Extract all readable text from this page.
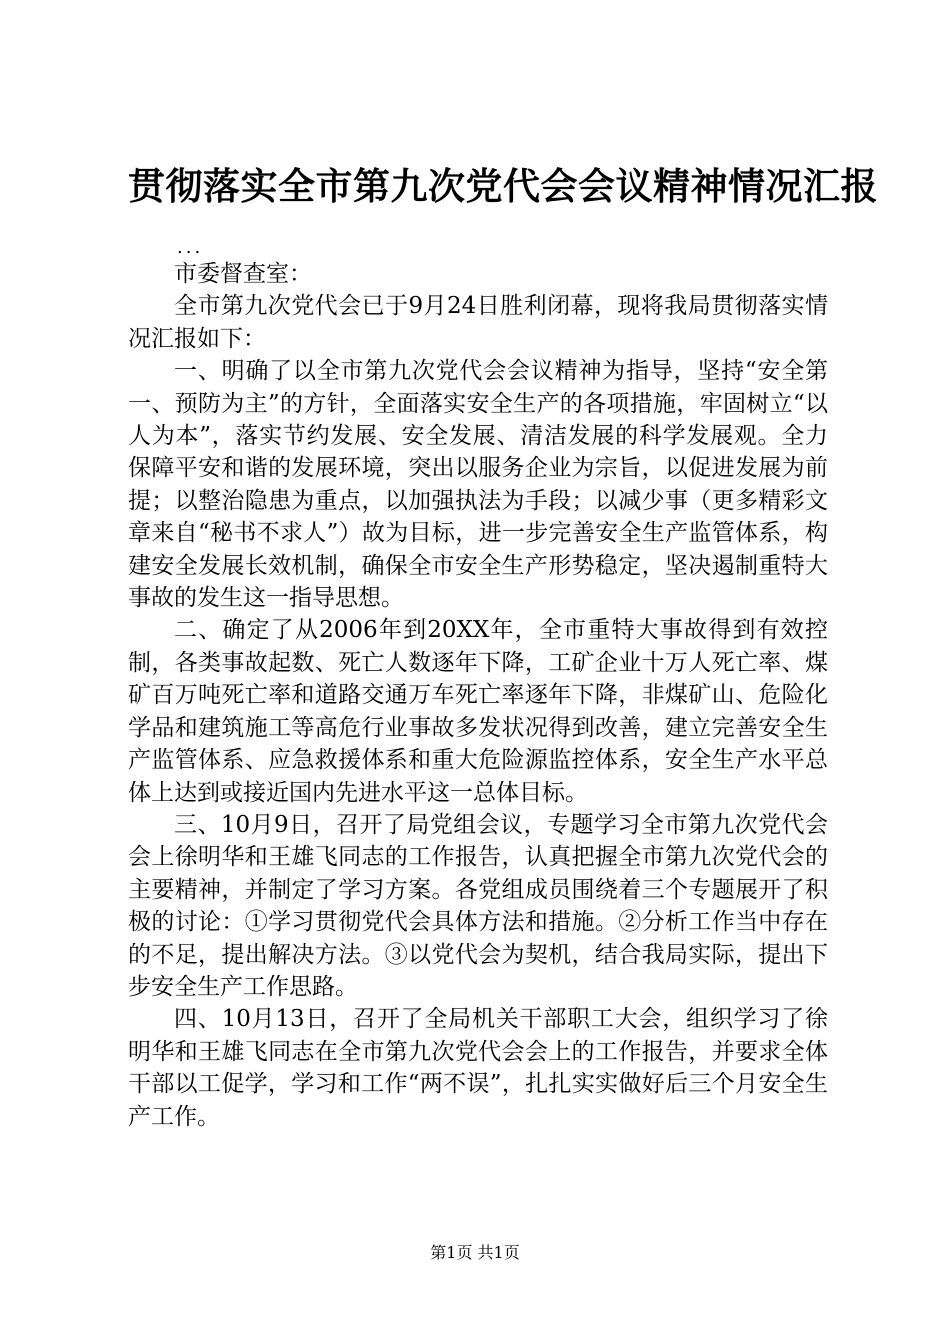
贯彻落实全市第九次党代会会议精神情况汇报
...

市委督查室：

全市第九次党代会已于9月24日胜利闭幕，现将我局贯彻落实情况汇报如下：

一、明确了以全市第九次党代会会议精神为指导，坚持“安全第一、预防为主”的方针，全面落实安全生产的各项措施，牢固树立“以人为本”，落实节约发展、安全发展、清洁发展的科学发展观。全力保障平安和谐的发展环境，突出以服务企业为宗旨，以促进发展为前提；以整治隐患为重点，以加强执法为手段；以减少事（更多精彩文章来自“秘书不求人”）故为目标，进一步完善安全生产监管体系，构建安全发展长效机制，确保全市安全生产形势稳定，坚决遏制重特大事故的发生这一指导思想。

二、确定了从2006年到20XX年，全市重特大事故得到有效控制，各类事故起数、死亡人数逐年下降，工矿企业十万人死亡率、煤矿百万吨死亡率和道路交通万车死亡率逐年下降，非煤矿山、危险化学品和建筑施工等高危行业事故多发状况得到改善，建立完善安全生产监管体系、应急救援体系和重大危险源监控体系，安全生产水平总体上达到或接近国内先进水平这一总体目标。

三、10月9日，召开了局党组会议，专题学习全市第九次党代会会上徐明华和王雄飞同志的工作报告，认真把握全市第九次党代会的主要精神，并制定了学习方案。各党组成员围绕着三个专题展开了积极的讨论：①学习贯彻党代会具体方法和措施。②分析工作当中存在的不足，提出解决方法。③以党代会为契机，结合我局实际，提出下步安全生产工作思路。

四、10月13日，召开了全局机关干部职工大会，组织学习了徐明华和王雄飞同志在全市第九次党代会会上的工作报告，并要求全体干部以工促学，学习和工作“两不误”，扎扎实实做好后三个月安全生产工作。

第1页 共1页
